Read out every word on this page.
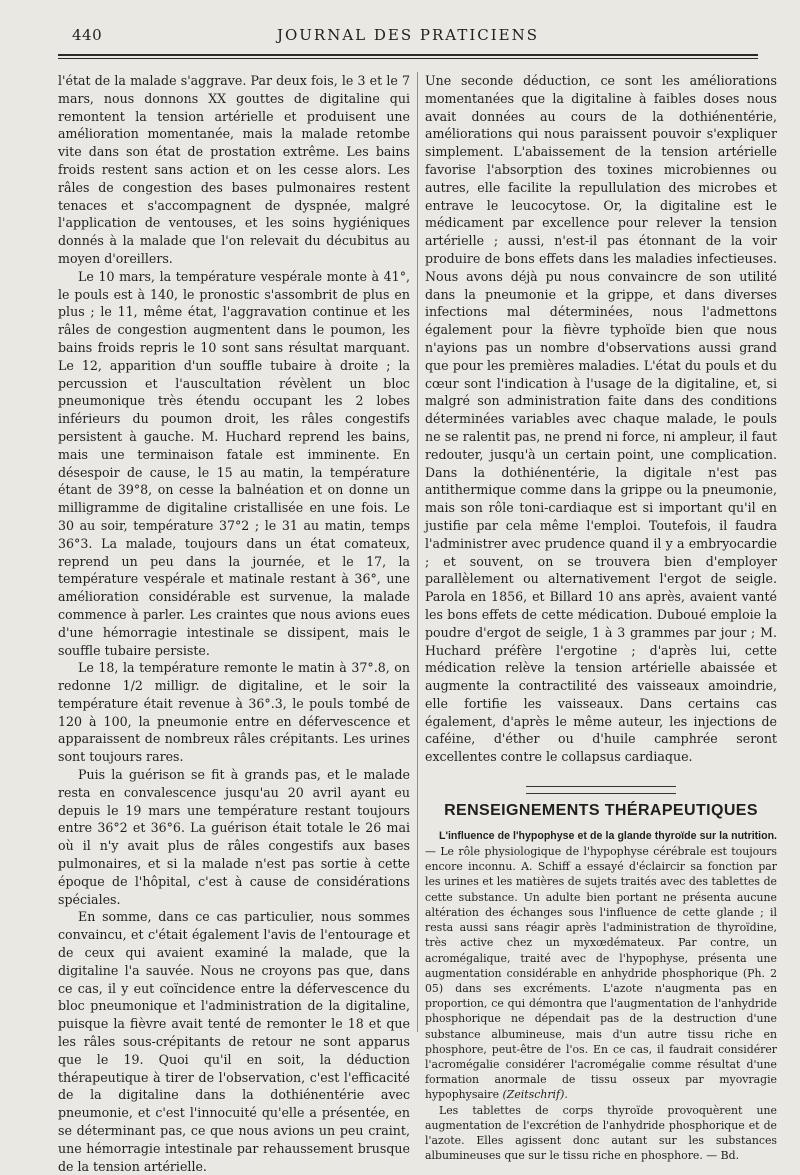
440	JOURNAL DES PRATICIENS

l'état de la malade s'aggrave. Par deux fois, le 3 et le 7 mars, nous donnons XX gouttes de digitaline qui remontent la tension artérielle et produisent une amélioration momentanée, mais la malade retombe vite dans son état de prostation extrême. Les bains froids restent sans action et on les cesse alors. Les râles de congestion des bases pulmonaires restent tenaces et s'accompagnent de dyspnée, malgré l'application de ventouses, et les soins hygiéniques donnés à la malade que l'on relevait du décubitus au moyen d'oreillers.

Le 10 mars, la température vespérale monte à 41°, le pouls est à 140, le pronostic s'assombrit de plus en plus ; le 11, même état, l'aggravation continue et les râles de congestion augmentent dans le poumon, les bains froids repris le 10 sont sans résultat marquant. Le 12, apparition d'un souffle tubaire à droite ; la percussion et l'auscultation révèlent un bloc pneumonique très étendu occupant les 2 lobes inférieurs du poumon droit, les râles congestifs persistent à gauche. M. Huchard reprend les bains, mais une terminaison fatale est imminente. En désespoir de cause, le 15 au matin, la température étant de 39°8, on cesse la balnéation et on donne un milligramme de digitaline cristallisée en une fois. Le 30 au soir, température 37°2 ; le 31 au matin, temps 36°3. La malade, toujours dans un état comateux, reprend un peu dans la journée, et le 17, la température vespérale et matinale restant à 36°, une amélioration considérable est survenue, la malade commence à parler. Les craintes que nous avions eues d'une hémorragie intestinale se dissipent, mais le souffle tubaire persiste.

Le 18, la température remonte le matin à 37°.8, on redonne 1/2 milligr. de digitaline, et le soir la température était revenue à 36°.3, le pouls tombé de 120 à 100, la pneumonie entre en défervescence et apparaissent de nombreux râles crépitants. Les urines sont toujours rares.

Puis la guérison se fit à grands pas, et le malade resta en convalescence jusqu'au 20 avril ayant eu depuis le 19 mars une température restant toujours entre 36°2 et 36°6. La guérison était totale le 26 mai où il n'y avait plus de râles congestifs aux bases pulmonaires, et si la malade n'est pas sortie à cette époque de l'hôpital, c'est à cause de considérations spéciales.

En somme, dans ce cas particulier, nous sommes convaincu, et c'était également l'avis de l'entourage et de ceux qui avaient examiné la malade, que la digitaline l'a sauvée. Nous ne croyons pas que, dans ce cas, il y eut coïncidence entre la défervescence du bloc pneumonique et l'administration de la digitaline, puisque la fièvre avait tenté de remonter le 18 et que les râles sous-crépitants de retour ne sont apparus que le 19. Quoi qu'il en soit, la déduction thérapeutique à tirer de l'observation, c'est l'efficacité de la digitaline dans la dothiénentérie avec pneumonie, et c'est l'innocuité qu'elle a présentée, en se déterminant pas, ce que nous avions un peu craint, une hémorragie intestinale par rehaussement brusque de la tension artérielle.

Une seconde déduction, ce sont les améliorations momentanées que la digitaline à faibles doses nous avait données au cours de la dothiénentérie, améliorations qui nous paraissent pouvoir s'expliquer simplement. L'abaissement de la tension artérielle favorise l'absorption des toxines microbiennes ou autres, elle facilite la repullulation des microbes et entrave le leucocytose. Or, la digitaline est le médicament par excellence pour relever la tension artérielle ; aussi, n'est-il pas étonnant de la voir produire de bons effets dans les maladies infectieuses. Nous avons déjà pu nous convaincre de son utilité dans la pneumonie et la grippe, et dans diverses infections mal déterminées, nous l'admettons également pour la fièvre typhoïde bien que nous n'ayions pas un nombre d'observations aussi grand que pour les premières maladies. L'état du pouls et du cœur sont l'indication à l'usage de la digitaline, et, si malgré son administration faite dans des conditions déterminées variables avec chaque malade, le pouls ne se ralentit pas, ne prend ni force, ni ampleur, il faut redouter, jusqu'à un certain point, une complication. Dans la dothiénentérie, la digitale n'est pas antithermique comme dans la grippe ou la pneumonie, mais son rôle toni-cardiaque est si important qu'il en justifie par cela même l'emploi. Toutefois, il faudra l'administrer avec prudence quand il y a embryocardie ; et souvent, on se trouvera bien d'employer parallèlement ou alternativement l'ergot de seigle. Parola en 1856, et Billard 10 ans après, avaient vanté les bons effets de cette médication. Duboué emploie la poudre d'ergot de seigle, 1 à 3 grammes par jour ; M. Huchard préfère l'ergotine ; d'après lui, cette médication relève la tension artérielle abaissée et augmente la contractilité des vaisseaux amoindrie, elle fortifie les vaisseaux. Dans certains cas également, d'après le même auteur, les injections de caféine, d'éther ou d'huile camphrée seront excellentes contre le collapsus cardiaque.

RENSEIGNEMENTS THÉRAPEUTIQUES

L'influence de l'hypophyse et de la glande thyroïde sur la nutrition. — Le rôle physiologique de l'hypophyse cérébrale est toujours encore inconnu. A. Schiff a essayé d'éclaircir sa fonction par les urines et les matières de sujets traités avec des tablettes de cette substance. Un adulte bien portant ne présenta aucune altération des échanges sous l'influence de cette glande ; il resta aussi sans réagir après l'administration de thyroïdine, très active chez un myxœdémateux. Par contre, un acromégalique, traité avec de l'hypophyse, présenta une augmentation considérable en anhydride phosphorique (Ph. 2 05) dans ses excréments. L'azote n'augmenta pas en proportion, ce qui démontra que l'augmentation de l'anhydride phosphorique ne dépendait pas de la destruction d'une substance albumineuse, mais d'un autre tissu riche en phosphore, peut-être de l'os. En ce cas, il faudrait considérer l'acromégalie considérer l'acromégalie comme résultat d'une formation anormale de tissu osseux par myovragie hypophysaire (Zeitschrif).

Les tablettes de corps thyroïde provoquèrent une augmentation de l'excrétion de l'anhydride phosphorique et de l'azote. Elles agissent donc autant sur les substances albumineuses que sur le tissu riche en phosphore. — Bd.
